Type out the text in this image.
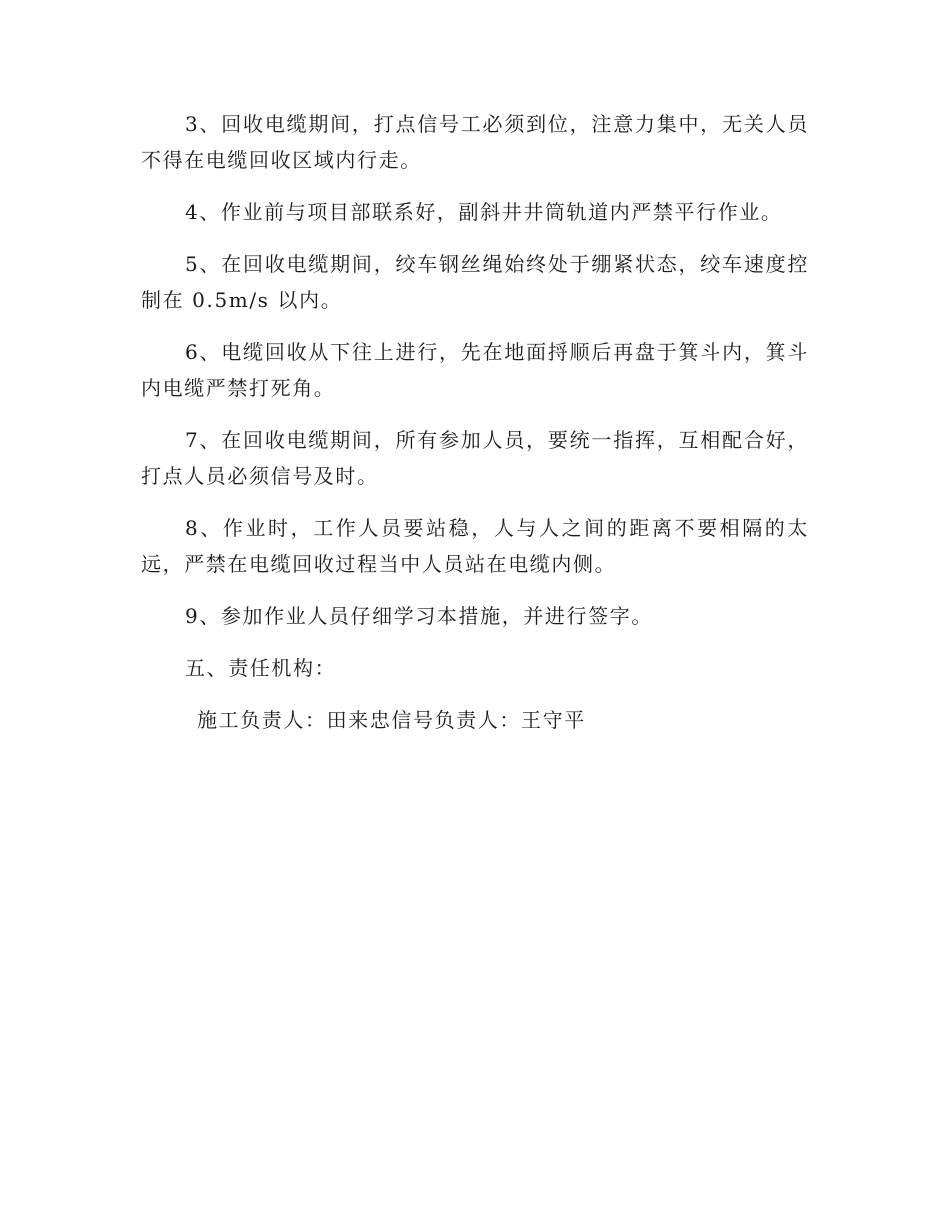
3、回收电缆期间，打点信号工必须到位，注意力集中，无关人员不得在电缆回收区域内行走。

4、作业前与项目部联系好，副斜井井筒轨道内严禁平行作业。

5、在回收电缆期间，绞车钢丝绳始终处于绷紧状态，绞车速度控制在 0.5m/s 以内。

6、电缆回收从下往上进行，先在地面捋顺后再盘于箕斗内，箕斗内电缆严禁打死角。

7、在回收电缆期间，所有参加人员，要统一指挥，互相配合好，打点人员必须信号及时。

8、作业时，工作人员要站稳，人与人之间的距离不要相隔的太远，严禁在电缆回收过程当中人员站在电缆内侧。

9、参加作业人员仔细学习本措施，并进行签字。

五、责任机构：

施工负责人：田来忠信号负责人：王守平
